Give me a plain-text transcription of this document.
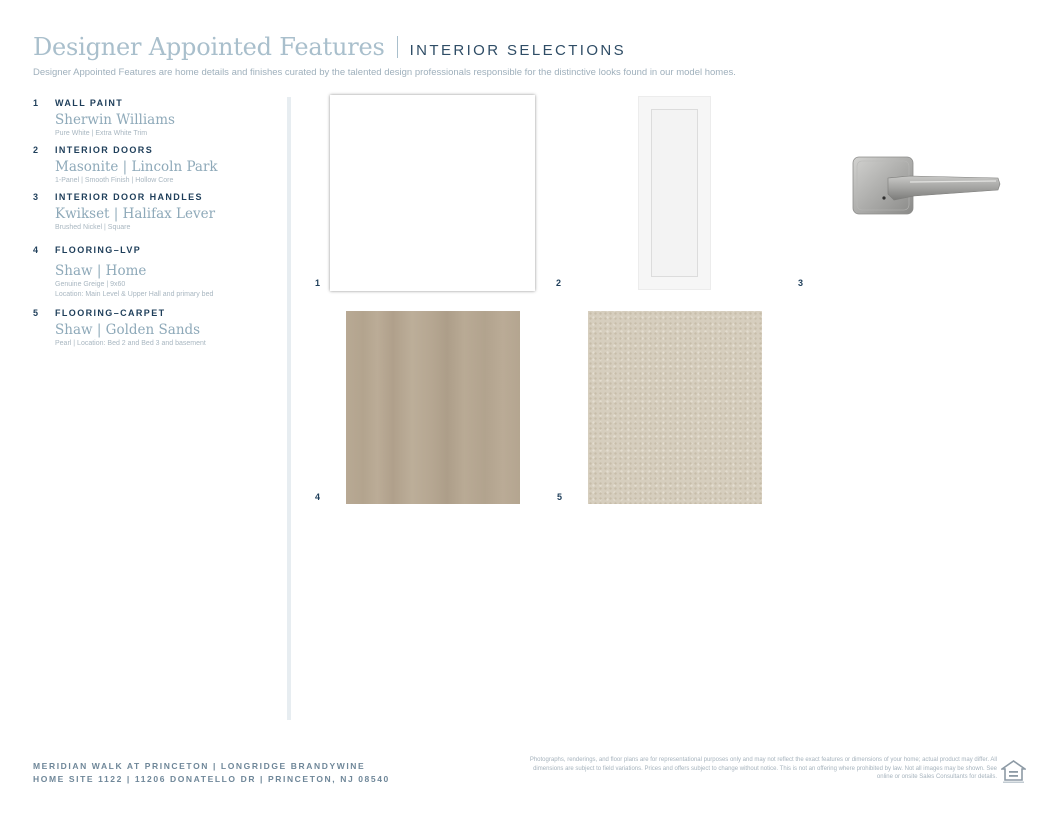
Designer Appointed Features INTERIOR SELECTIONS
Designer Appointed Features are home details and finishes curated by the talented design professionals responsible for the distinctive looks found in our model homes.
1	WALL PAINT
Sherwin Williams
Pure White | Extra White Trim
2	INTERIOR DOORS
Masonite | Lincoln Park
1-Panel | Smooth Finish | Hollow Core
3	INTERIOR DOOR HANDLES
Kwikset | Halifax Lever
Brushed Nickel | Square
4	FLOORING–LVP
Shaw | Home
Genuine Greige | 9x60
Location: Main Level & Upper Hall and primary bed
5	FLOORING–CARPET
Shaw | Golden Sands
Pearl | Location: Bed 2 and Bed 3 and basement
1	2	3
4	5
MERIDIAN WALK AT PRINCETON | LONGRIDGE BRANDYWINE
HOME SITE 1122 | 11206 DONATELLO DR | PRINCETON, NJ 08540
Photographs, renderings, and floor plans are for representational purposes only and may not reflect the exact features or dimensions of your home; actual product may differ. All dimensions are subject to field variations. Prices and offers subject to change without notice. This is not an offering where prohibited by law. Not all images may be shown. See online or onsite Sales Consultants for details.
